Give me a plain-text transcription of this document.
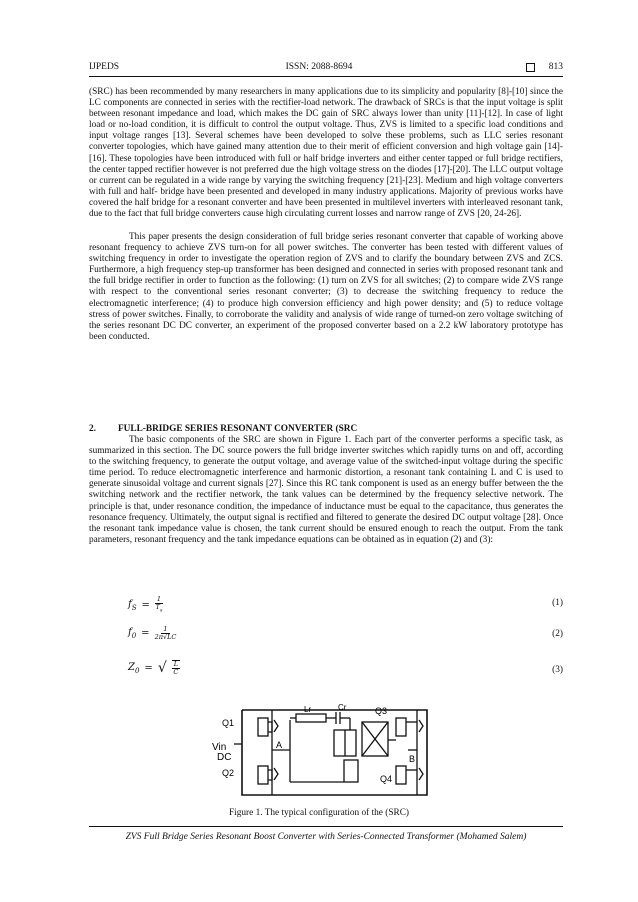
IJPEDS	ISSN: 2088-8694	813

(SRC) has been recommended by many researchers in many applications due to its simplicity and popularity [8]-[10] since the LC components are connected in series with the rectifier-load network. The drawback of SRCs is that the input voltage is split between resonant impedance and load, which makes the DC gain of SRC always lower than unity [11]-[12]. In case of light load or no-load condition, it is difficult to control the output voltage. Thus, ZVS is limited to a specific load conditions and input voltage ranges [13]. Several schemes have been developed to solve these problems, such as LLC series resonant converter topologies, which have gained many attention due to their merit of efficient conversion and high voltage gain [14]-[16]. These topologies have been introduced with full or half bridge inverters and either center tapped or full bridge rectifiers, the center tapped rectifier however is not preferred due the high voltage stress on the diodes [17]-[20]. The LLC output voltage or current can be regulated in a wide range by varying the switching frequency [21]-[23]. Medium and high voltage converters with full and half- bridge have been presented and developed in many industry applications. Majority of previous works have covered the half bridge for a resonant converter and have been presented in multilevel inverters with interleaved resonant tank, due to the fact that full bridge converters cause high circulating current losses and narrow range of ZVS [20, 24-26].

This paper presents the design consideration of full bridge series resonant converter that capable of working above resonant frequency to achieve ZVS turn-on for all power switches. The converter has been tested with different values of switching frequency in order to investigate the operation region of ZVS and to clarify the boundary between ZVS and ZCS. Furthermore, a high frequency step-up transformer has been designed and connected in series with proposed resonant tank and the full bridge rectifier in order to function as the following: (1) turn on ZVS for all switches; (2) to compare wide ZVS range with respect to the conventional series resonant converter; (3) to decrease the switching frequency to reduce the electromagnetic interference; (4) to produce high conversion efficiency and high power density; and (5) to reduce voltage stress of power switches. Finally, to corroborate the validity and analysis of wide range of turned-on zero voltage switching of the series resonant DC DC converter, an experiment of the proposed converter based on a 2.2 kW laboratory prototype has been conducted.

2. FULL-BRIDGE SERIES RESONANT CONVERTER (SRC

The basic components of the SRC are shown in Figure 1. Each part of the converter performs a specific task, as summarized in this section. The DC source powers the full bridge inverter switches which rapidly turns on and off, according to the switching frequency, to generate the output voltage, and average value of the switched-input voltage during the specific time period. To reduce electromagnetic interference and harmonic distortion, a resonant tank containing L and C is used to generate sinusoidal voltage and current signals [27]. Since this RC tank component is used as an energy buffer between the the switching network and the rectifier network, the tank values can be determined by the frequency selective network. The principle is that, under resonance condition, the impedance of inductance must be equal to the capacitance, thus generates the resonance frequency. Ultimately, the output signal is rectified and filtered to generate the desired DC output voltage [28]. Once the resonant tank impedance value is chosen, the tank current should be ensured enough to reach the output. From the tank parameters, resonant frequency and the tank impedance equations can be obtained as in equation (2) and (3):

$f_S = \frac{1}{T_s}$	(1)
$f_0 = \frac{1}{2\pi√LC}$	(2)
$Z_0$ = √ $\frac{L}{C}$	(3)
Q1
Q2
Q3
Q4
Vin
DC
Lr	Cr
A
B
Figure 1. The typical configuration of the (SRC)
ZVS Full Bridge Series Resonant Boost Converter with Series-Connected Transformer (Mohamed Salem)
